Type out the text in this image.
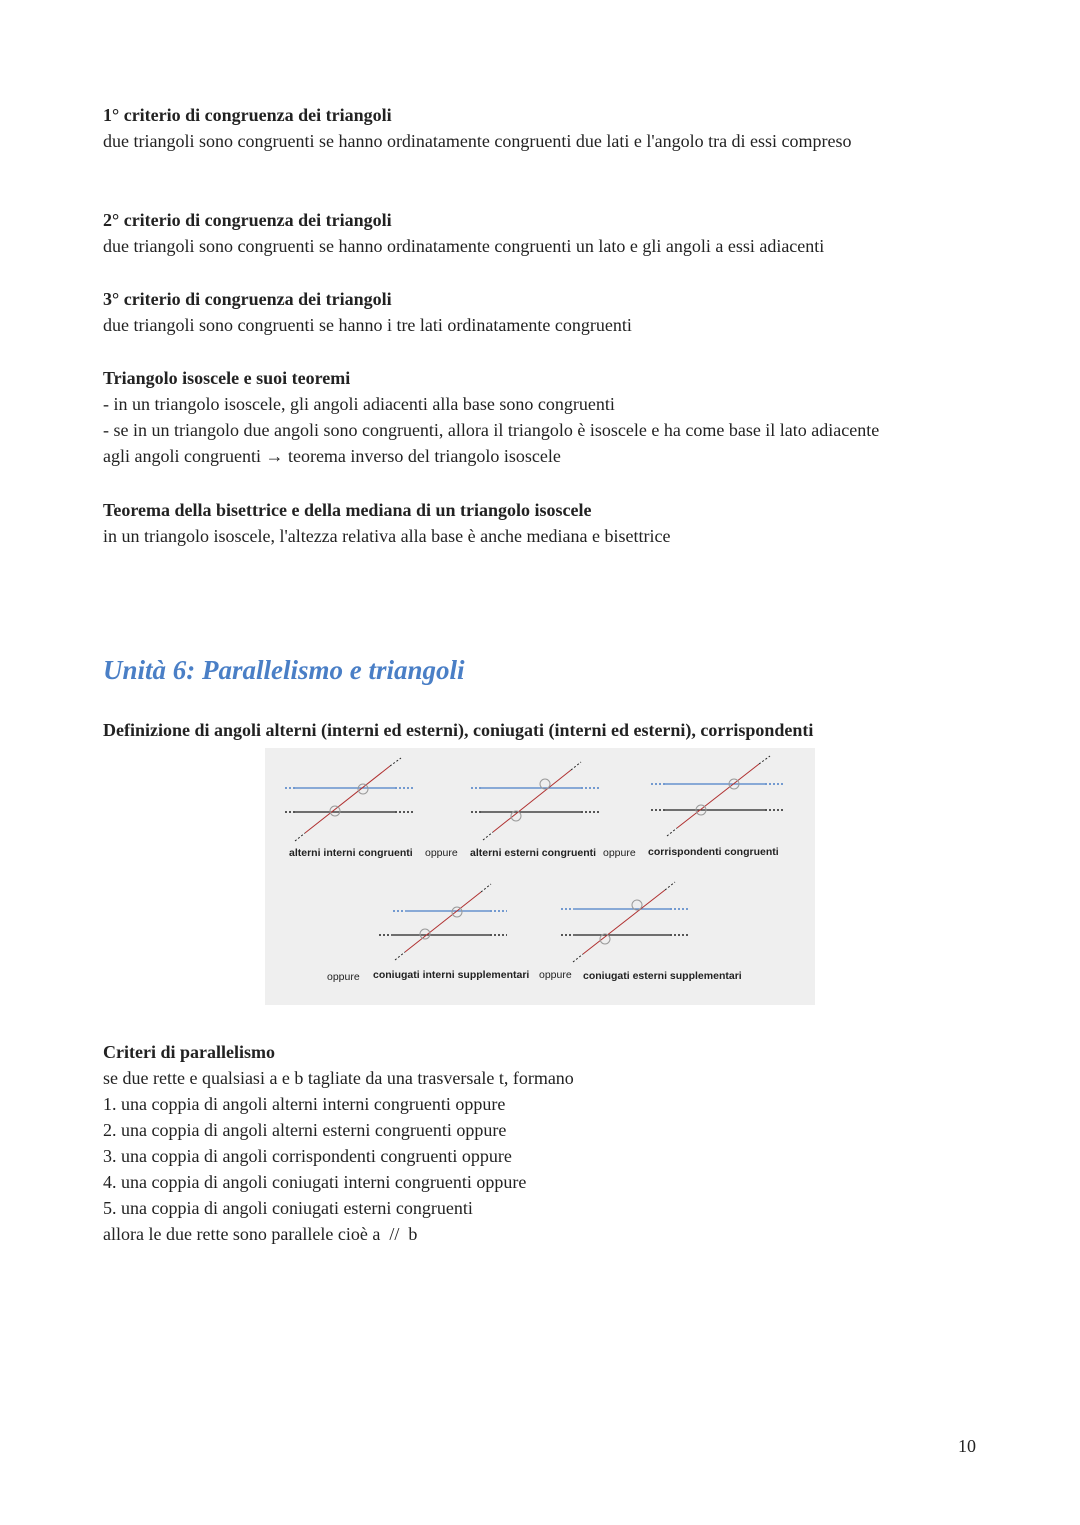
1° criterio di congruenza dei triangoli
due triangoli sono congruenti se hanno ordinatamente congruenti due lati e l'angolo tra di essi compreso
2° criterio di congruenza dei triangoli
due triangoli sono congruenti se hanno ordinatamente congruenti un lato e gli angoli a essi adiacenti
3° criterio di congruenza dei triangoli
due triangoli sono congruenti se hanno i tre lati ordinatamente congruenti
Triangolo isoscele e suoi teoremi
- in un triangolo isoscele, gli angoli adiacenti alla base sono congruenti
- se in un triangolo due angoli sono congruenti, allora il triangolo è isoscele e ha come base il lato adiacente
agli angoli congruenti → teorema inverso del triangolo isoscele
Teorema della bisettrice e della mediana di un triangolo isoscele
in un triangolo isoscele, l'altezza relativa alla base è anche mediana e bisettrice
Unità 6: Parallelismo e triangoli
Definizione di angoli alterni (interni ed esterni), coniugati (interni ed esterni), corrispondenti
alterni interni congruenti oppure alterni esterni congruenti oppure corrispondenti congruenti
oppure coniugati interni supplementari oppure coniugati esterni supplementari
Criteri di parallelismo
se due rette e qualsiasi a e b tagliate da una trasversale t, formano
1. una coppia di angoli alterni interni congruenti oppure
2. una coppia di angoli alterni esterni congruenti oppure
3. una coppia di angoli corrispondenti congruenti oppure
4. una coppia di angoli coniugati interni congruenti oppure
5. una coppia di angoli coniugati esterni congruenti
allora le due rette sono parallele cioè a  //  b
10
